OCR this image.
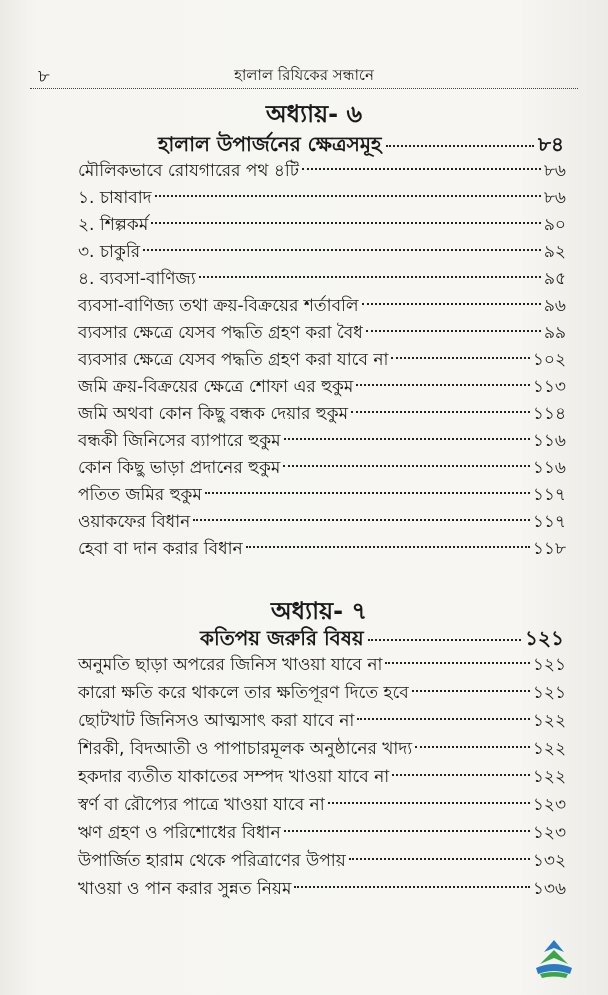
৮	হালাল রিযিকের সন্ধানে
অধ্যায়- ৬
হালাল উপার্জনের ক্ষেত্রসমূহ	৮৪
মৌলিকভাবে রোযগারের পথ ৪টি	৮৬
১. চাষাবাদ	৮৬
২. শিল্পকর্ম	৯০
৩. চাকুরি	৯২
৪. ব্যবসা-বাণিজ্য	৯৫
ব্যবসা-বাণিজ্য তথা ক্রয়-বিক্রয়ের শর্তাবলি	৯৬
ব্যবসার ক্ষেত্রে যেসব পদ্ধতি গ্রহণ করা বৈধ	৯৯
ব্যবসার ক্ষেত্রে যেসব পদ্ধতি গ্রহণ করা যাবে না	১০২
জমি ক্রয়-বিক্রয়ের ক্ষেত্রে শোফা এর হুকুম	১১৩
জমি অথবা কোন কিছু বন্ধক দেয়ার হুকুম	১১৪
বন্ধকী জিনিসের ব্যাপারে হুকুম	১১৬
কোন কিছু ভাড়া প্রদানের হুকুম	১১৬
পতিত জমির হুকুম	১১৭
ওয়াকফের বিধান	১১৭
হেবা বা দান করার বিধান	১১৮
অধ্যায়- ৭
কতিপয় জরুরি বিষয়	১২১
অনুমতি ছাড়া অপরের জিনিস খাওয়া যাবে না	১২১
কারো ক্ষতি করে থাকলে তার ক্ষতিপূরণ দিতে হবে	১২১
ছোটখাট জিনিসও আত্মসাৎ করা যাবে না	১২২
শিরকী, বিদআতী ও পাপাচারমূলক অনুষ্ঠানের খাদ্য	১২২
হকদার ব্যতীত যাকাতের সম্পদ খাওয়া যাবে না	১২২
স্বর্ণ বা রৌপ্যের পাত্রে খাওয়া যাবে না	১২৩
ঋণ গ্রহণ ও পরিশোধের বিধান	১২৩
উপার্জিত হারাম থেকে পরিত্রাণের উপায়	১৩২
খাওয়া ও পান করার সুন্নত নিয়ম	১৩৬
